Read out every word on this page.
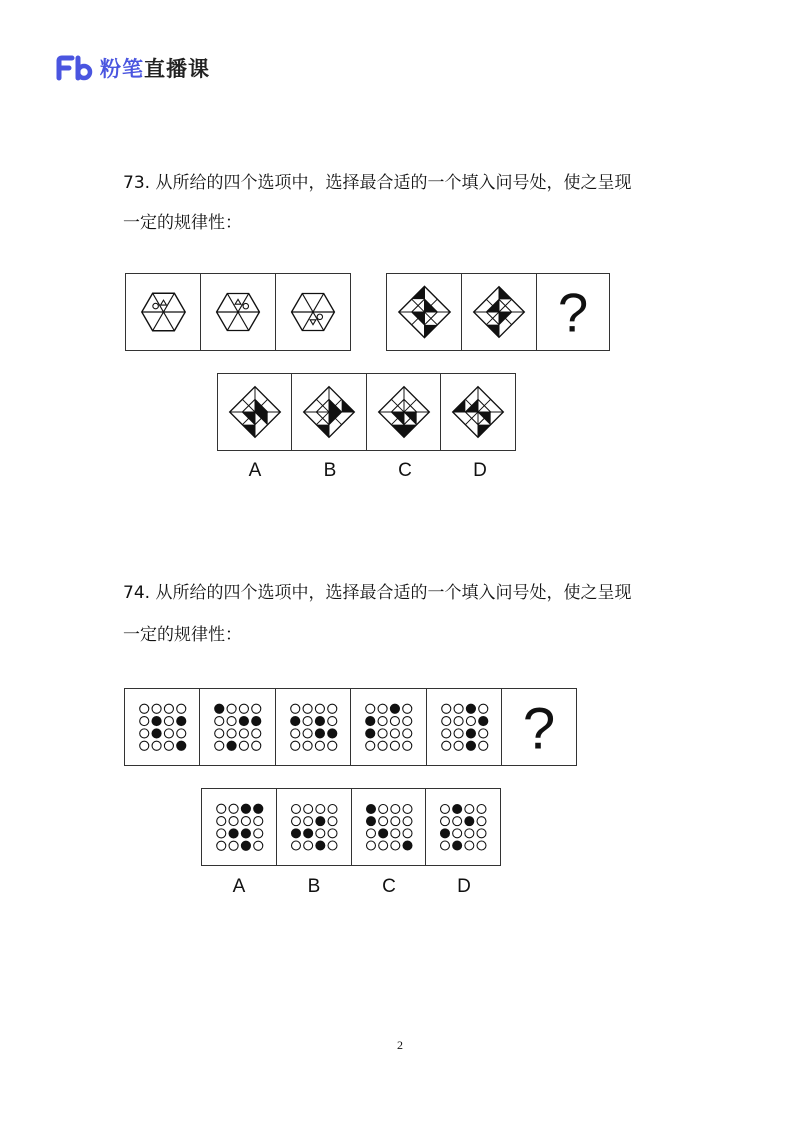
粉笔直播课
73. 从所给的四个选项中，选择最合适的一个填入问号处，使之呈现
一定的规律性：
?
A	B	C	D
74. 从所给的四个选项中，选择最合适的一个填入问号处，使之呈现
一定的规律性：
?
A	B	C	D
2
